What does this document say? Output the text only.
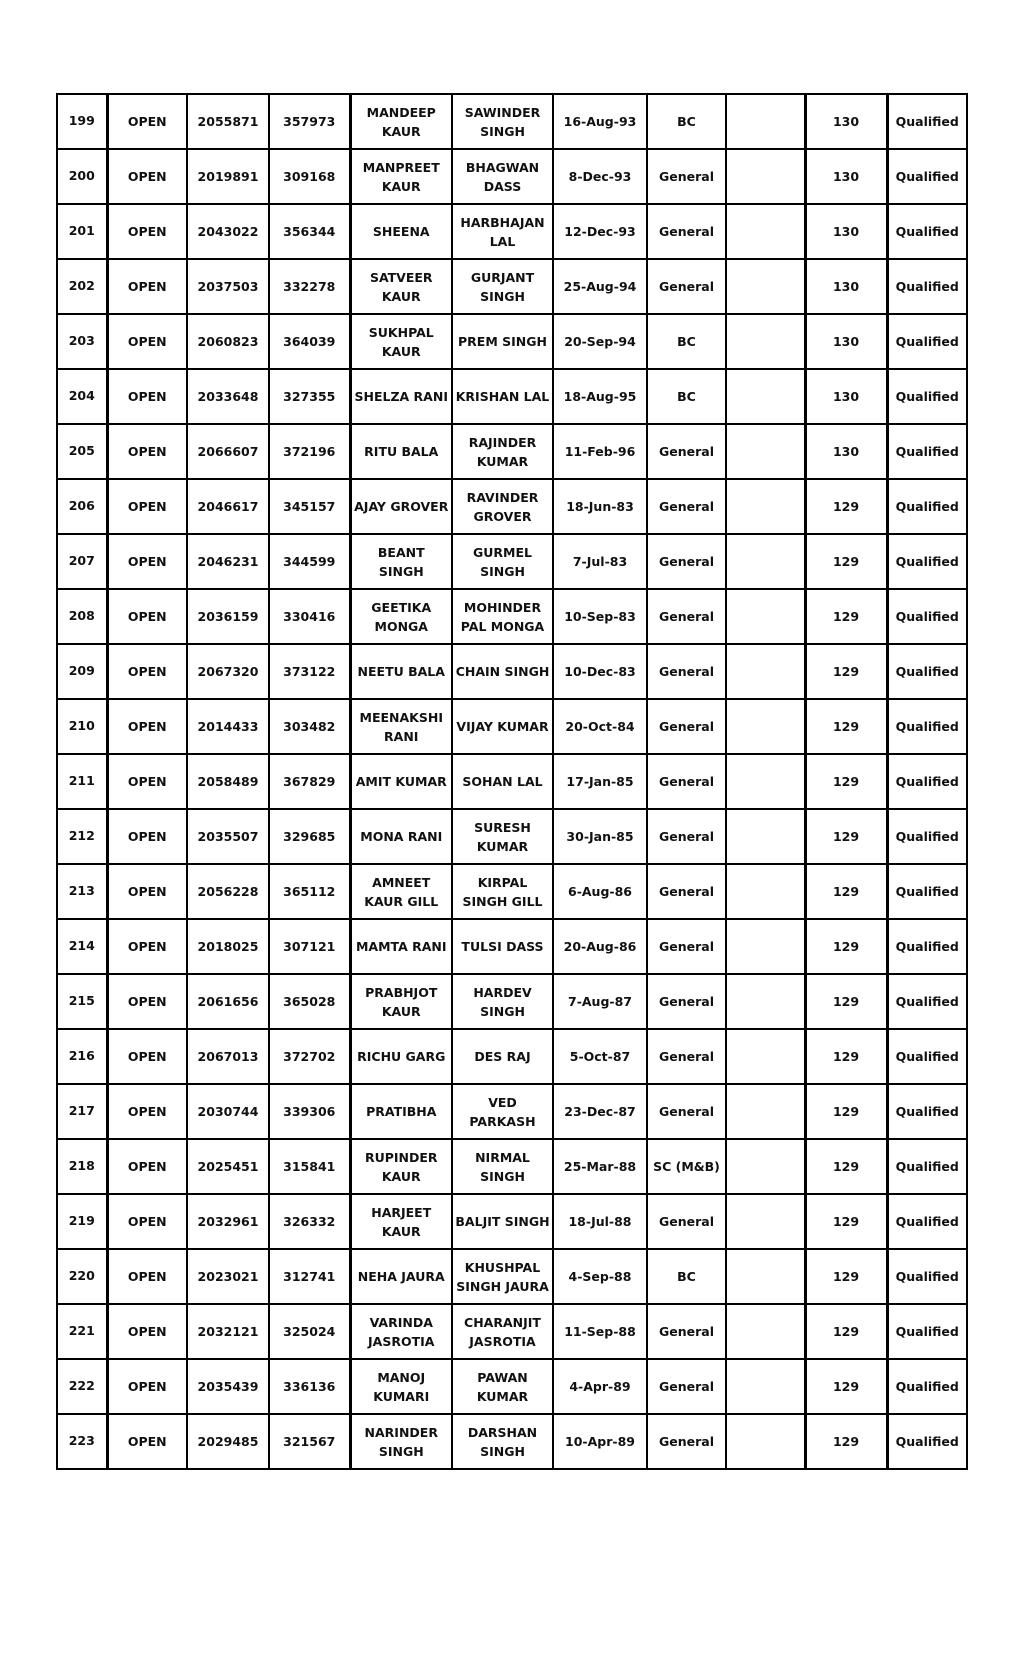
199	OPEN	2055871	357973	MANDEEP KAUR	SAWINDER SINGH	16-Aug-93	BC		130	Qualified
200	OPEN	2019891	309168	MANPREET KAUR	BHAGWAN DASS	8-Dec-93	General		130	Qualified
201	OPEN	2043022	356344	SHEENA	HARBHAJAN LAL	12-Dec-93	General		130	Qualified
202	OPEN	2037503	332278	SATVEER KAUR	GURJANT SINGH	25-Aug-94	General		130	Qualified
203	OPEN	2060823	364039	SUKHPAL KAUR	PREM SINGH	20-Sep-94	BC		130	Qualified
204	OPEN	2033648	327355	SHELZA RANI	KRISHAN LAL	18-Aug-95	BC		130	Qualified
205	OPEN	2066607	372196	RITU BALA	RAJINDER KUMAR	11-Feb-96	General		130	Qualified
206	OPEN	2046617	345157	AJAY GROVER	RAVINDER GROVER	18-Jun-83	General		129	Qualified
207	OPEN	2046231	344599	BEANT SINGH	GURMEL SINGH	7-Jul-83	General		129	Qualified
208	OPEN	2036159	330416	GEETIKA MONGA	MOHINDER PAL MONGA	10-Sep-83	General		129	Qualified
209	OPEN	2067320	373122	NEETU BALA	CHAIN SINGH	10-Dec-83	General		129	Qualified
210	OPEN	2014433	303482	MEENAKSHI RANI	VIJAY KUMAR	20-Oct-84	General		129	Qualified
211	OPEN	2058489	367829	AMIT KUMAR	SOHAN LAL	17-Jan-85	General		129	Qualified
212	OPEN	2035507	329685	MONA RANI	SURESH KUMAR	30-Jan-85	General		129	Qualified
213	OPEN	2056228	365112	AMNEET KAUR GILL	KIRPAL SINGH GILL	6-Aug-86	General		129	Qualified
214	OPEN	2018025	307121	MAMTA RANI	TULSI DASS	20-Aug-86	General		129	Qualified
215	OPEN	2061656	365028	PRABHJOT KAUR	HARDEV SINGH	7-Aug-87	General		129	Qualified
216	OPEN	2067013	372702	RICHU GARG	DES RAJ	5-Oct-87	General		129	Qualified
217	OPEN	2030744	339306	PRATIBHA	VED PARKASH	23-Dec-87	General		129	Qualified
218	OPEN	2025451	315841	RUPINDER KAUR	NIRMAL SINGH	25-Mar-88	SC (M&B)		129	Qualified
219	OPEN	2032961	326332	HARJEET KAUR	BALJIT SINGH	18-Jul-88	General		129	Qualified
220	OPEN	2023021	312741	NEHA JAURA	KHUSHPAL SINGH JAURA	4-Sep-88	BC		129	Qualified
221	OPEN	2032121	325024	VARINDA JASROTIA	CHARANJIT JASROTIA	11-Sep-88	General		129	Qualified
222	OPEN	2035439	336136	MANOJ KUMARI	PAWAN KUMAR	4-Apr-89	General		129	Qualified
223	OPEN	2029485	321567	NARINDER SINGH	DARSHAN SINGH	10-Apr-89	General		129	Qualified
